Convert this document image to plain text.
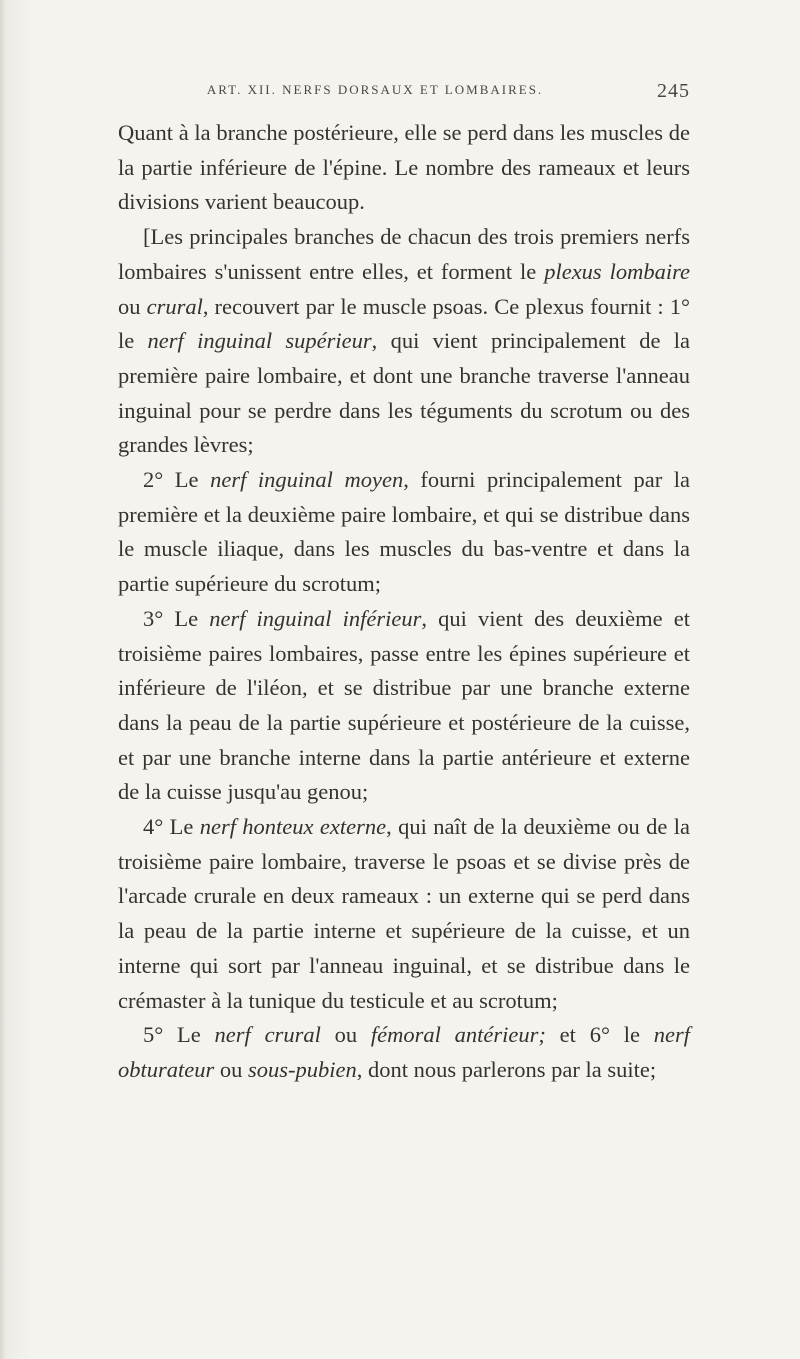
ART. XII. NERFS DORSAUX ET LOMBAIRES.	245

Quant à la branche postérieure, elle se perd dans les muscles de la partie inférieure de l'épine. Le nombre des rameaux et leurs divisions varient beaucoup.

[Les principales branches de chacun des trois premiers nerfs lombaires s'unissent entre elles, et forment le plexus lombaire ou crural, recouvert par le muscle psoas. Ce plexus fournit : 1° le nerf inguinal supérieur, qui vient principalement de la première paire lombaire, et dont une branche traverse l'anneau inguinal pour se perdre dans les téguments du scrotum ou des grandes lèvres;

2° Le nerf inguinal moyen, fourni principalement par la première et la deuxième paire lombaire, et qui se distribue dans le muscle iliaque, dans les muscles du bas-ventre et dans la partie supérieure du scrotum;

3° Le nerf inguinal inférieur, qui vient des deuxième et troisième paires lombaires, passe entre les épines supérieure et inférieure de l'iléon, et se distribue par une branche externe dans la peau de la partie supérieure et postérieure de la cuisse, et par une branche interne dans la partie antérieure et externe de la cuisse jusqu'au genou;

4° Le nerf honteux externe, qui naît de la deuxième ou de la troisième paire lombaire, traverse le psoas et se divise près de l'arcade crurale en deux rameaux : un externe qui se perd dans la peau de la partie interne et supérieure de la cuisse, et un interne qui sort par l'anneau inguinal, et se distribue dans le crémaster à la tunique du testicule et au scrotum;

5° Le nerf crural ou fémoral antérieur; et 6° le nerf obturateur ou sous-pubien, dont nous parlerons par la suite;
